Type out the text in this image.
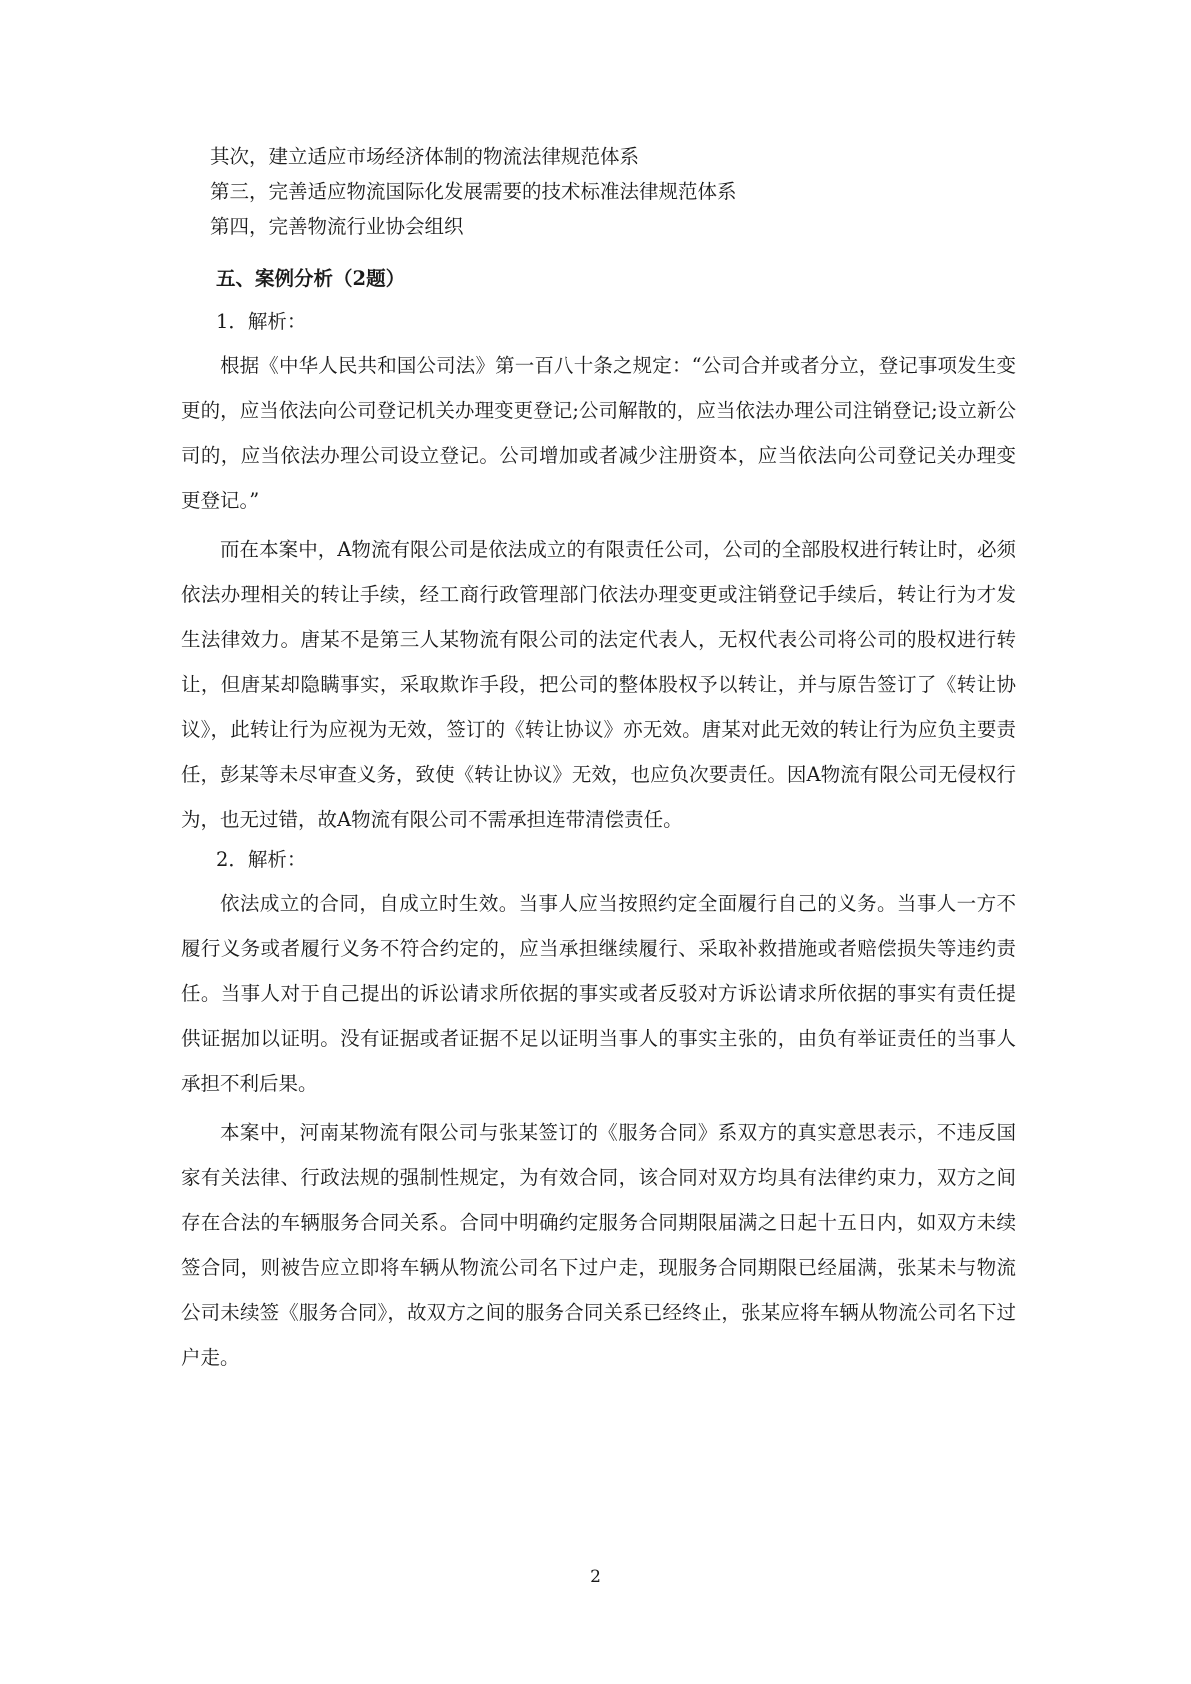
其次，建立适应市场经济体制的物流法律规范体系
第三，完善适应物流国际化发展需要的技术标准法律规范体系
第四，完善物流行业协会组织
五、案例分析（2题）
1．解析：

根据《中华人民共和国公司法》第一百八十条之规定：“公司合并或者分立，登记事项发生变更的，应当依法向公司登记机关办理变更登记;公司解散的，应当依法办理公司注销登记;设立新公司的，应当依法办理公司设立登记。公司增加或者减少注册资本，应当依法向公司登记关办理变更登记。”

而在本案中，A物流有限公司是依法成立的有限责任公司，公司的全部股权进行转让时，必须依法办理相关的转让手续，经工商行政管理部门依法办理变更或注销登记手续后，转让行为才发生法律效力。唐某不是第三人某物流有限公司的法定代表人，无权代表公司将公司的股权进行转让，但唐某却隐瞒事实，采取欺诈手段，把公司的整体股权予以转让，并与原告签订了《转让协议》，此转让行为应视为无效，签订的《转让协议》亦无效。唐某对此无效的转让行为应负主要责任，彭某等未尽审查义务，致使《转让协议》无效，也应负次要责任。因A物流有限公司无侵权行为，也无过错，故A物流有限公司不需承担连带清偿责任。

2．解析：

依法成立的合同，自成立时生效。当事人应当按照约定全面履行自己的义务。当事人一方不履行义务或者履行义务不符合约定的，应当承担继续履行、采取补救措施或者赔偿损失等违约责任。当事人对于自己提出的诉讼请求所依据的事实或者反驳对方诉讼请求所依据的事实有责任提供证据加以证明。没有证据或者证据不足以证明当事人的事实主张的，由负有举证责任的当事人承担不利后果。

本案中，河南某物流有限公司与张某签订的《服务合同》系双方的真实意思表示，不违反国家有关法律、行政法规的强制性规定，为有效合同，该合同对双方均具有法律约束力，双方之间存在合法的车辆服务合同关系。合同中明确约定服务合同期限届满之日起十五日内，如双方未续签合同，则被告应立即将车辆从物流公司名下过户走，现服务合同期限已经届满，张某未与物流公司未续签《服务合同》，故双方之间的服务合同关系已经终止，张某应将车辆从物流公司名下过户走。

2
